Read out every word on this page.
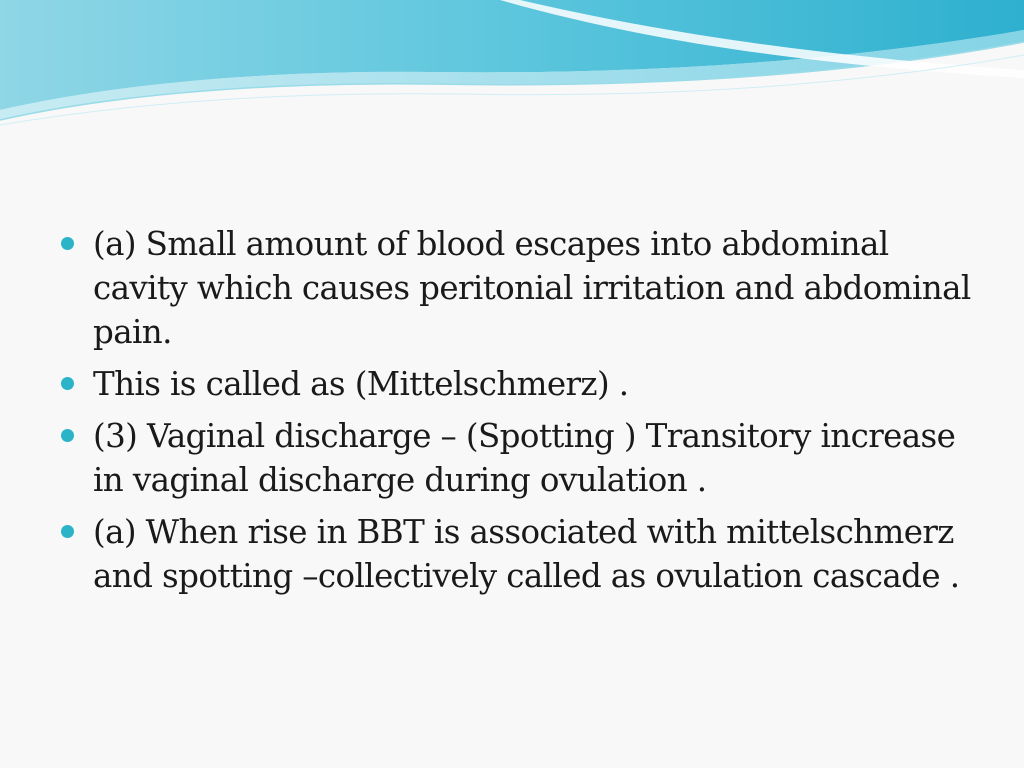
(a) Small amount of blood escapes into abdominal cavity which causes peritonial irritation and abdominal pain.
This is called as (Mittelschmerz) .
(3) Vaginal discharge – (Spotting ) Transitory increase in vaginal discharge during ovulation .
(a) When rise in BBT is associated with mittelschmerz and spotting –collectively called as ovulation cascade .
